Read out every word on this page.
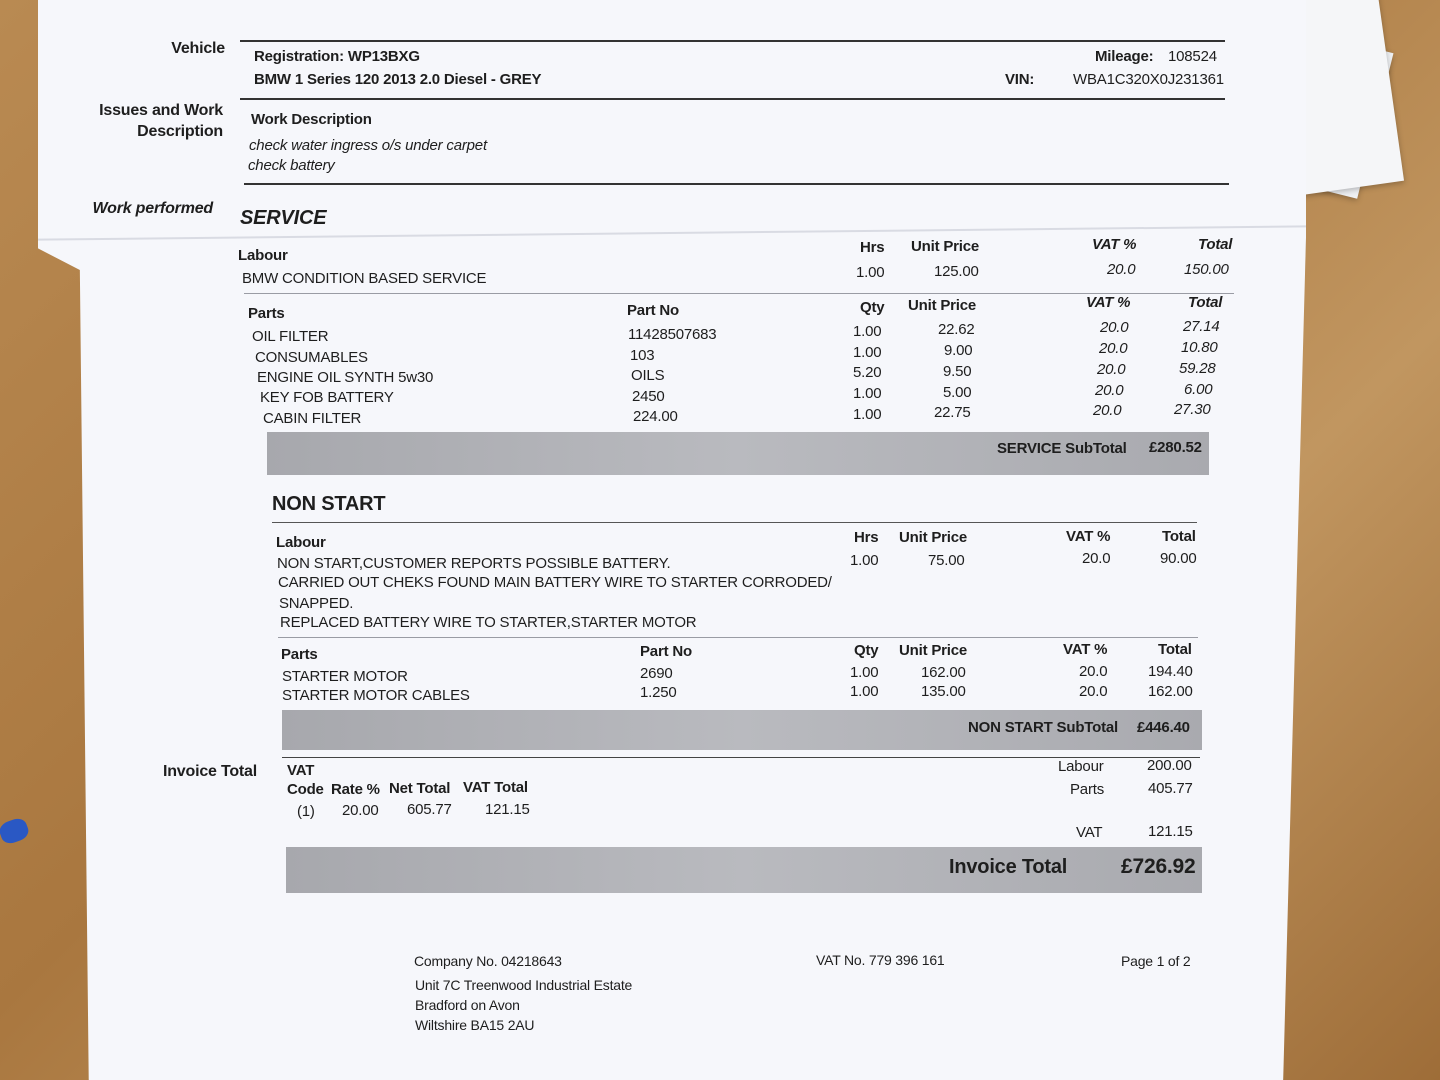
Vehicle Registration: WP13BXG
BMW 1 Series 120 2013 2.0 Diesel - GREY
Mileage: 108524
VIN:	WBA1C320X0J231361
Issues and Work
Description
Work Description
check water ingress o/s under carpet
check battery
Work performed SERVICE
Labour	Hrs Unit Price	VAT %	Total
BMW CONDITION BASED SERVICE	1.00	125.00	20.0	150.00
Parts	Part No	Qty Unit Price	VAT %	Total
OIL FILTER	11428507683	1.00	22.62	20.0	27.14
CONSUMABLES	103	1.00	9.00	20.0	10.80
ENGINE OIL SYNTH 5w30	OILS	5.20	9.50	20.0	59.28
KEY FOB BATTERY	2450	1.00	5.00	20.0	6.00
CABIN FILTER	224.00	1.00	22.75	20.0	27.30
SERVICE SubTotal £280.52
NON START
Labour	Hrs Unit Price	VAT %	Total
NON START,CUSTOMER REPORTS POSSIBLE BATTERY.
CARRIED OUT CHEKS FOUND MAIN BATTERY WIRE TO STARTER CORRODED/
SNAPPED.
REPLACED BATTERY WIRE TO STARTER,STARTER MOTOR
1.00	75.00	20.0	90.00
Parts	Part No	Qty Unit Price	VAT %	Total
STARTER MOTOR	2690	1.00	162.00	20.0	194.40
STARTER MOTOR CABLES	1.250	1.00	135.00	20.0	162.00
NON START SubTotal £446.40
Invoice Total VAT
Code Rate % Net Total VAT Total
(1) 20.00 605.77 121.15
Labour	200.00
Parts	405.77
VAT	121.15
Invoice Total	£726.92
Company No. 04218643	VAT No. 779 396 161	Page 1 of 2
Unit 7C Treenwood Industrial Estate
Bradford on Avon
Wiltshire BA15 2AU
